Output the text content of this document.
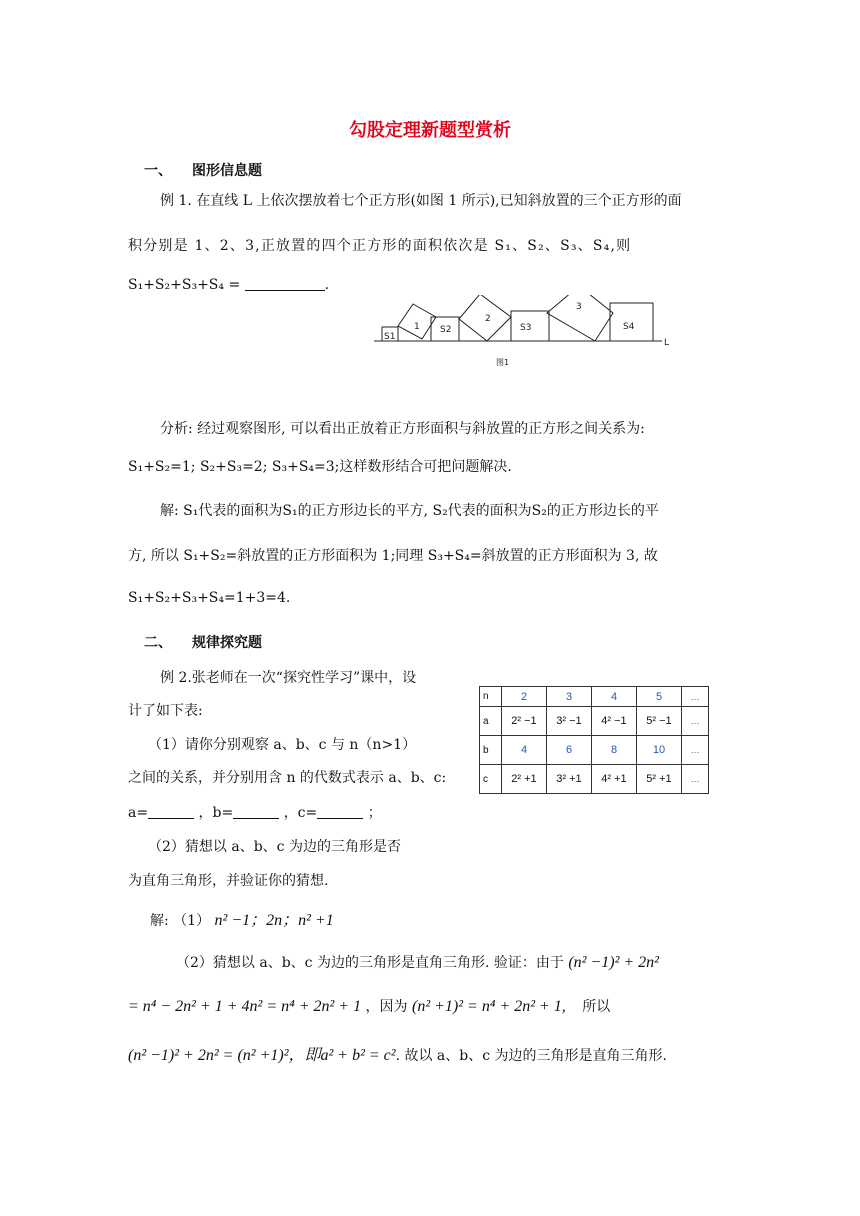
勾股定理新题型赏析
一、 图形信息题
例 1. 在直线 L 上依次摆放着七个正方形(如图 1 所示),已知斜放置的三个正方形的面
积分别是 1、2、3,正放置的四个正方形的面积依次是 S₁、S₂、S₃、S₄,则
S₁+S₂+S₃+S₄ =	.
S1
1 S2
2
S3
3
S4
L
图1
分析: 经过观察图形, 可以看出正放着正方形面积与斜放置的正方形之间关系为:
S₁+S₂=1; S₂+S₃=2; S₃+S₄=3;这样数形结合可把问题解决.
解: S₁代表的面积为S₁的正方形边长的平方, S₂代表的面积为S₂的正方形边长的平
方, 所以 S₁+S₂=斜放置的正方形面积为 1;同理 S₃+S₄=斜放置的正方形面积为 3, 故
S₁+S₂+S₃+S₄=1+3=4.
二、 规律探究题
例 2.张老师在一次“探究性学习”课中，设
计了如下表:
（1）请你分别观察 a、b、c 与 n（n>1）
之间的关系，并分别用含 n 的代数式表示 a、b、c:
a=	，b=	，c=	；
（2）猜想以 a、b、c 为边的三角形是否
为直角三角形，并验证你的猜想.
n	2	3	4	5	…
a	2² −1	3² −1	4² −1	5² −1	…
b	4	6	8	10	…
c	2² +1	3² +1	4² +1	5² +1	…
解: （1） n² −1；2n；n² +1
（2）猜想以 a、b、c 为边的三角形是直角三角形. 验证：由于 (n² −1)² + 2n²
= n⁴ − 2n² + 1 + 4n² = n⁴ + 2n² + 1 ，因为 (n² +1)² = n⁴ + 2n² + 1, 所以
(n² −1)² + 2n² = (n² +1)²，即a² + b² = c². 故以 a、b、c 为边的三角形是直角三角形.
